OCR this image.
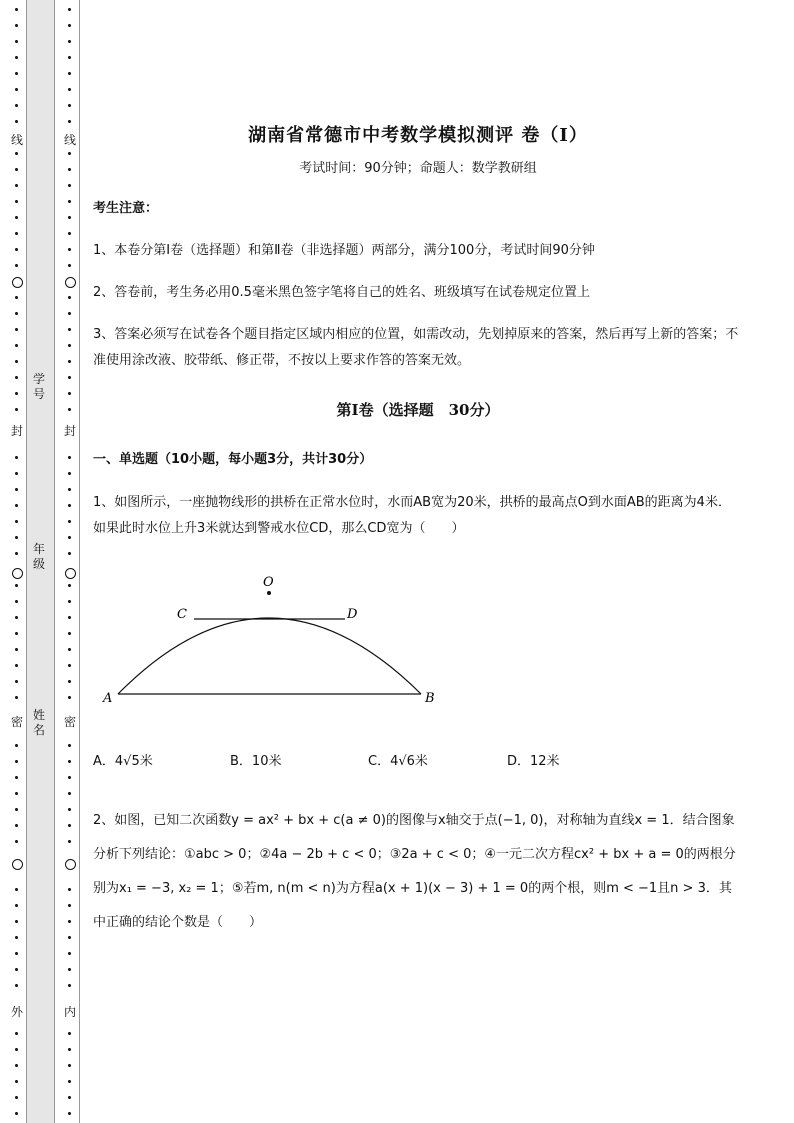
线
封
密
外
线
封
密
内
学号
年级
姓名
湖南省常德市中考数学模拟测评 卷（Ⅰ）
考试时间：90分钟；命题人：数学教研组
考生注意：
1、本卷分第I卷（选择题）和第Ⅱ卷（非选择题）两部分，满分100分，考试时间90分钟
2、答卷前，考生务必用0.5毫米黑色签字笔将自己的姓名、班级填写在试卷规定位置上
3、答案必须写在试卷各个题目指定区域内相应的位置，如需改动，先划掉原来的答案，然后再写上新的答案；不准使用涂改液、胶带纸、修正带，不按以上要求作答的答案无效。
第I卷（选择题　30分）
一、单选题（10小题，每小题3分，共计30分）
1、如图所示，一座抛物线形的拱桥在正常水位时，水而AB宽为20米，拱桥的最高点O到水面AB的距离为4米．如果此时水位上升3米就达到警戒水位CD，那么CD宽为（　　）
O
C	D
A	B
A．4√5米	B．10米	C．4√6米	D．12米
2、如图，已知二次函数y = ax² + bx + c(a ≠ 0)的图像与x轴交于点(−1, 0)，对称轴为直线x = 1．结合图象分析下列结论：①abc > 0；②4a − 2b + c < 0；③2a + c < 0；④一元二次方程cx² + bx + a = 0的两根分别为x₁ = −3, x₂ = 1；⑤若m, n(m < n)为方程a(x + 1)(x − 3) + 1 = 0的两个根，则m < −1且n > 3．其中正确的结论个数是（　　）
